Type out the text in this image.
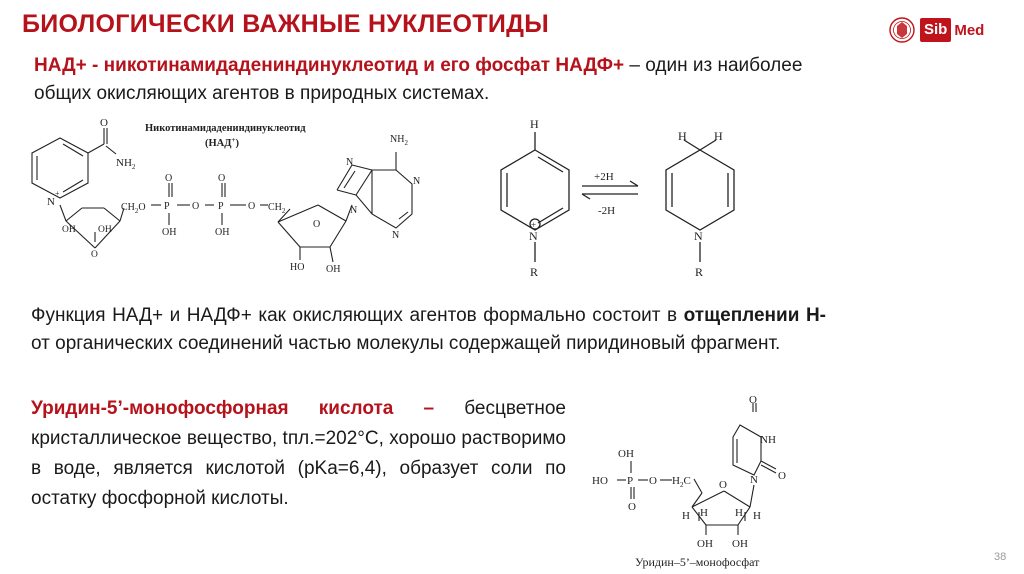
БИОЛОГИЧЕСКИ ВАЖНЫЕ НУКЛЕОТИДЫ	Sib Med

НАД+ - никотинамидадениндинуклеотид и его фосфат НАДФ+ – один из наиболее общих окисляющих агентов в природных системах.

Никотинамидадениндинуклеотид
(НАД+)
O
$NH_2$
N
+
OH OH
O
$CH_2O$ P
O
OH
O P
O
OH
O $CH_2$
O
HO OH
N
N
N
N
$NH_2$
H
N
+
R
+2H
-2H
H H
N
R

Функция НАД+ и НАДФ+ как окисляющих агентов формально состоит в отщеплении Н- от органических соединений частью молекулы содержащей пиридиновый фрагмент.

Уридин-5’-монофосфорная кислота – бесцветное кристаллическое вещество, tпл.=202°C, хорошо растворимо в воде, является кислотой (pKa=6,4), образует соли по остатку фосфорной кислоты.

OH
HO P
O
O $H_2C$	O
H H H H
OH OH
N
NH
O
O
Уридин–5’–монофосфат	38
